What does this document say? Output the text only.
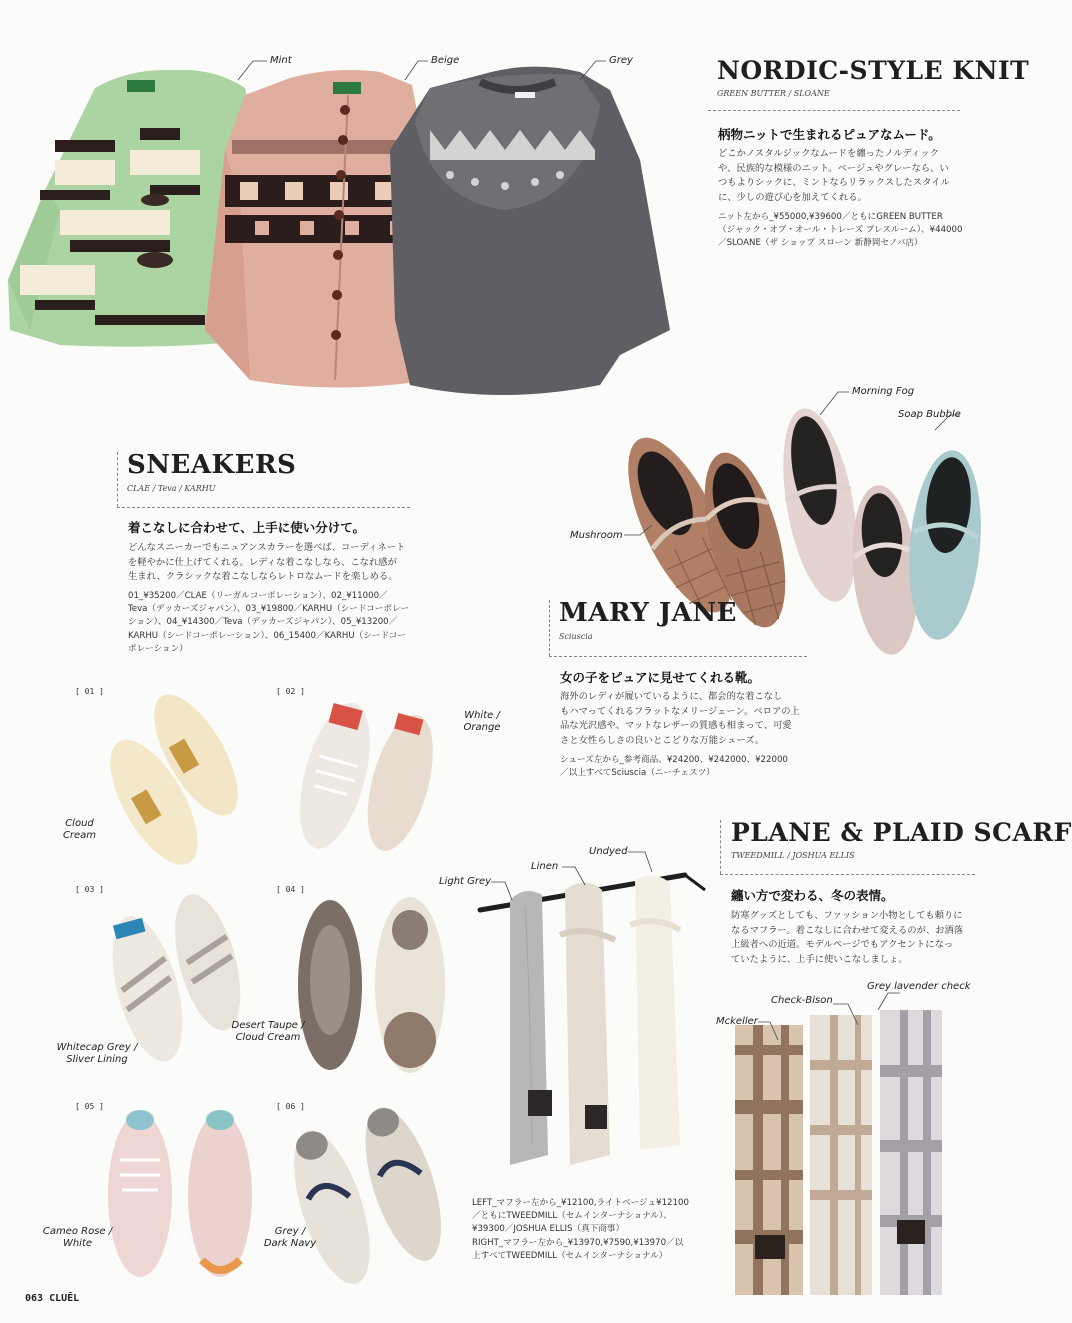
Mint	Beige	Grey	NORDIC-STYLE KNIT
GREEN BUTTER / SLOANE
柄物ニットで生まれるピュアなムード。
どこかノスタルジックなムードを纏ったノルディック
や、民族的な模様のニット。ベージュやグレーなら、い
つもよりシックに、ミントならリラックスしたスタイル
に、少しの遊び心を加えてくれる。
ニット左から_¥55000,¥39600／ともにGREEN BUTTER
（ジャック・オブ・オール・トレーズ プレスルーム）、¥44000
／SLOANE（ザ ショップ スローン 新静岡セノバ店）
Morning Fog
Soap Bubble
Mushroom
SNEAKERS
CLAE / Teva / KARHU
着こなしに合わせて、上手に使い分けて。
どんなスニーカーでもニュアンスカラーを選べば、コーディネート
を軽やかに仕上げてくれる。レディな着こなしなら、こなれ感が
生まれ、クラシックな着こなしならレトロなムードを楽しめる。
01_¥35200／CLAE（リーガルコーポレーション）、02_¥11000／
Teva（デッカーズジャパン）、03_¥19800／KARHU（シードコーポレー
ション）、04_¥14300／Teva（デッカーズジャパン）、05_¥13200／
KARHU（シードコーポレーション）、06_15400／KARHU（シードコー
ポレーション）
MARY JANE
Sciuscia
女の子をピュアに見せてくれる靴。
海外のレディが履いているように、都会的な着こなし
もハマってくれるフラットなメリージェーン。ベロアの上
品な光沢感や、マットなレザーの質感も相まって、可愛
さと女性らしさの良いとこどりな万能シューズ。
シューズ左から_参考商品、¥24200、¥242000、¥22000
／以上すべてSciuscia（ニーチェスツ）
[ 01 ]
Cloud
Cream
[ 02 ]
White /
Orange
[ 03 ]
Whitecap Grey /
Sliver Lining
[ 04 ]
Desert Taupe /
Cloud Cream
[ 05 ]
Cameo Rose /
White
[ 06 ]
Grey /
Dark Navy
Light Grey
Linen
Undyed
PLANE & PLAID SCARF
TWEEDMILL / JOSHUA ELLIS
纏い方で変わる、冬の表情。
防寒グッズとしても、ファッション小物としても頼りに
なるマフラー。着こなしに合わせて変えるのが、お洒落
上級者への近道。モデルページでもアクセントになっ
ていたように、上手に使いこなしましょ。
Mckeller
Check-Bison
Grey lavender check
LEFT_マフラー左から_¥12100,ライトベージュ¥12100
／ともにTWEEDMILL（セムインターナショナル）、
¥39300／JOSHUA ELLIS（真下商事）
RIGHT_マフラー左から_¥13970,¥7590,¥13970／以
上すべてTWEEDMILL（セムインターナショナル）
063 CLUĒL
